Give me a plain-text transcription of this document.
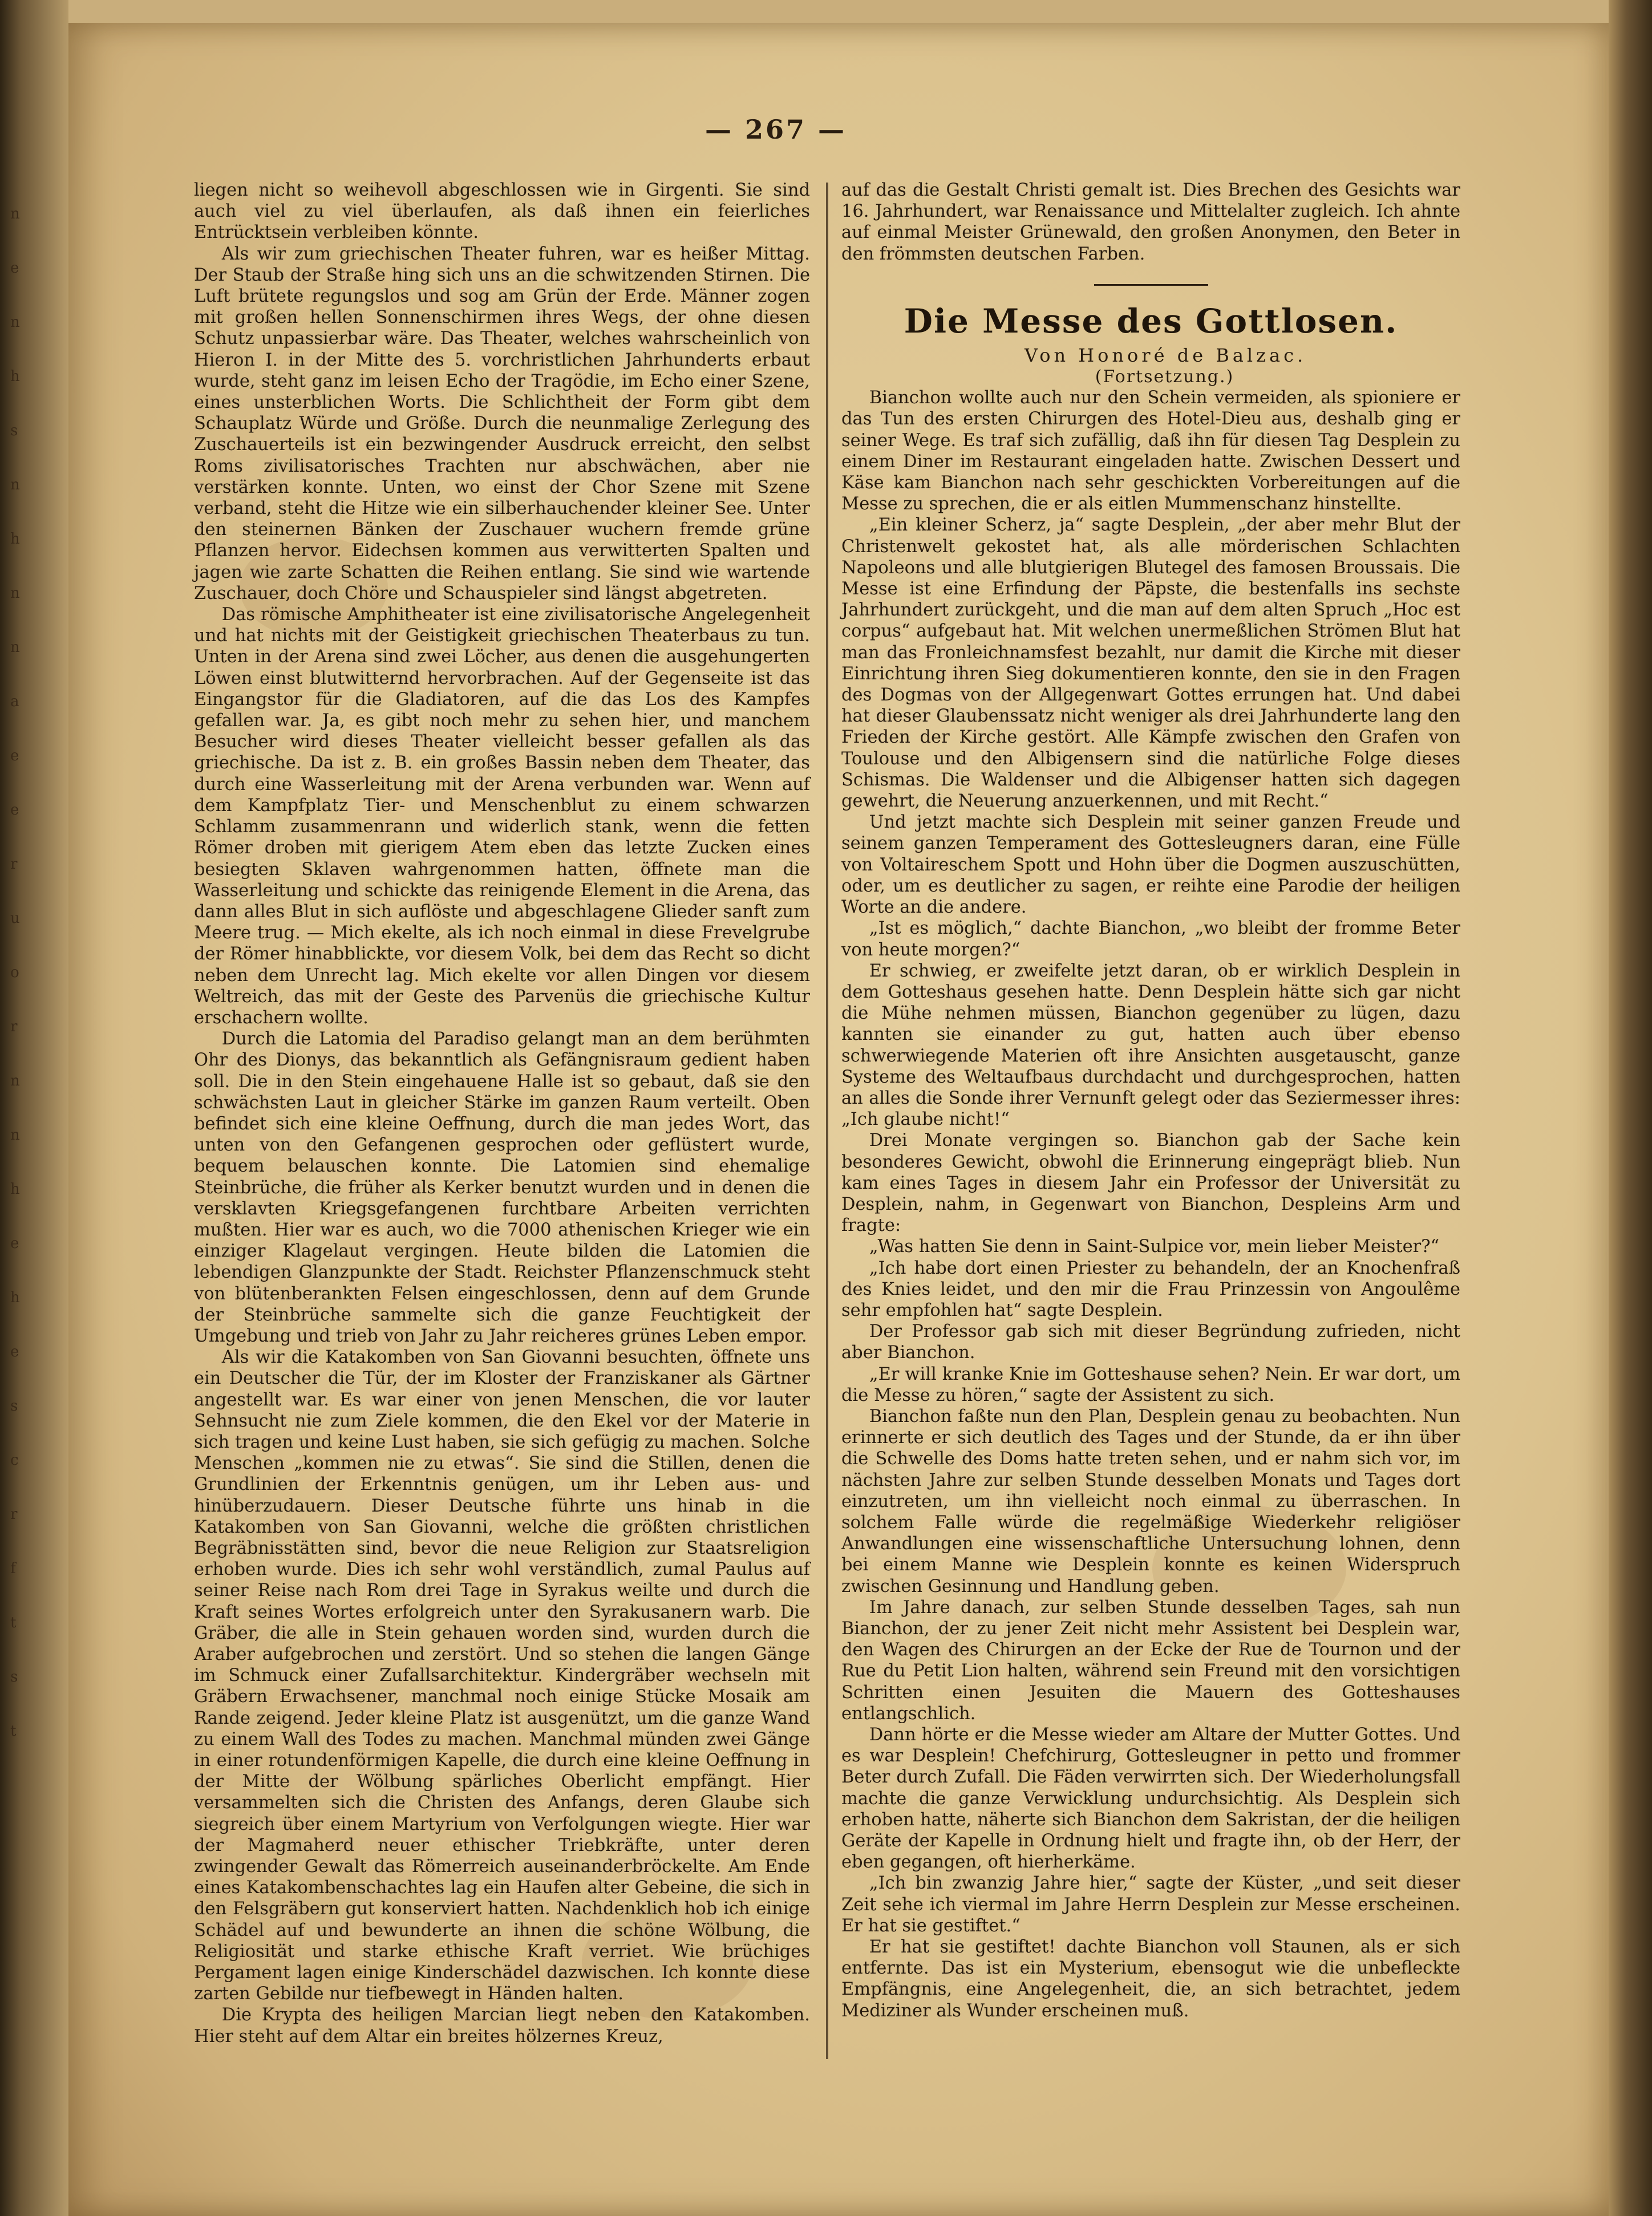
n
e
n
h
s
n
h
n
n
a
e
e
r
u
o
r
n
n
h
e
h
e
s
c
r
f
t
s
t
— 267 —

liegen nicht so weihevoll abgeschlossen wie in Girgenti. Sie sind auch viel zu viel überlaufen, als daß ihnen ein feierliches Entrücktsein verbleiben könnte.

Als wir zum griechischen Theater fuhren, war es heißer Mittag. Der Staub der Straße hing sich uns an die schwitzenden Stirnen. Die Luft brütete regungslos und sog am Grün der Erde. Männer zogen mit großen hellen Sonnenschirmen ihres Wegs, der ohne diesen Schutz unpassierbar wäre. Das Theater, welches wahrscheinlich von Hieron I. in der Mitte des 5. vorchristlichen Jahrhunderts erbaut wurde, steht ganz im leisen Echo der Tragödie, im Echo einer Szene, eines unsterblichen Worts. Die Schlichtheit der Form gibt dem Schauplatz Würde und Größe. Durch die neunmalige Zerlegung des Zuschauerteils ist ein bezwingender Ausdruck erreicht, den selbst Roms zivilisatorisches Trachten nur abschwächen, aber nie verstärken konnte. Unten, wo einst der Chor Szene mit Szene verband, steht die Hitze wie ein silberhauchender kleiner See. Unter den steinernen Bänken der Zuschauer wuchern fremde grüne Pflanzen hervor. Eidechsen kommen aus verwitterten Spalten und jagen wie zarte Schatten die Reihen entlang. Sie sind wie wartende Zuschauer, doch Chöre und Schauspieler sind längst abgetreten.

Das römische Amphitheater ist eine zivilisatorische Angelegenheit und hat nichts mit der Geistigkeit griechischen Theaterbaus zu tun. Unten in der Arena sind zwei Löcher, aus denen die ausgehungerten Löwen einst blutwitternd hervorbrachen. Auf der Gegenseite ist das Eingangstor für die Gladiatoren, auf die das Los des Kampfes gefallen war. Ja, es gibt noch mehr zu sehen hier, und manchem Besucher wird dieses Theater vielleicht besser gefallen als das griechische. Da ist z. B. ein großes Bassin neben dem Theater, das durch eine Wasserleitung mit der Arena verbunden war. Wenn auf dem Kampfplatz Tier- und Menschenblut zu einem schwarzen Schlamm zusammenrann und widerlich stank, wenn die fetten Römer droben mit gierigem Atem eben das letzte Zucken eines besiegten Sklaven wahrgenommen hatten, öffnete man die Wasserleitung und schickte das reinigende Element in die Arena, das dann alles Blut in sich auflöste und abgeschlagene Glieder sanft zum Meere trug. — Mich ekelte, als ich noch einmal in diese Frevelgrube der Römer hinabblickte, vor diesem Volk, bei dem das Recht so dicht neben dem Unrecht lag. Mich ekelte vor allen Dingen vor diesem Weltreich, das mit der Geste des Parvenüs die griechische Kultur erschachern wollte.

Durch die Latomia del Paradiso gelangt man an dem berühmten Ohr des Dionys, das bekanntlich als Gefängnisraum gedient haben soll. Die in den Stein eingehauene Halle ist so gebaut, daß sie den schwächsten Laut in gleicher Stärke im ganzen Raum verteilt. Oben befindet sich eine kleine Oeffnung, durch die man jedes Wort, das unten von den Gefangenen gesprochen oder geflüstert wurde, bequem belauschen konnte. Die Latomien sind ehemalige Steinbrüche, die früher als Kerker benutzt wurden und in denen die versklavten Kriegsgefangenen furchtbare Arbeiten verrichten mußten. Hier war es auch, wo die 7000 athenischen Krieger wie ein einziger Klagelaut vergingen. Heute bilden die Latomien die lebendigen Glanzpunkte der Stadt. Reichster Pflanzenschmuck steht von blütenberankten Felsen eingeschlossen, denn auf dem Grunde der Steinbrüche sammelte sich die ganze Feuchtigkeit der Umgebung und trieb von Jahr zu Jahr reicheres grünes Leben empor.

Als wir die Katakomben von San Giovanni besuchten, öffnete uns ein Deutscher die Tür, der im Kloster der Franziskaner als Gärtner angestellt war. Es war einer von jenen Menschen, die vor lauter Sehnsucht nie zum Ziele kommen, die den Ekel vor der Materie in sich tragen und keine Lust haben, sie sich gefügig zu machen. Solche Menschen „kommen nie zu etwas“. Sie sind die Stillen, denen die Grundlinien der Erkenntnis genügen, um ihr Leben aus- und hinüberzudauern. Dieser Deutsche führte uns hinab in die Katakomben von San Giovanni, welche die größten christlichen Begräbnisstätten sind, bevor die neue Religion zur Staatsreligion erhoben wurde. Dies ich sehr wohl verständlich, zumal Paulus auf seiner Reise nach Rom drei Tage in Syrakus weilte und durch die Kraft seines Wortes erfolgreich unter den Syrakusanern warb. Die Gräber, die alle in Stein gehauen worden sind, wurden durch die Araber aufgebrochen und zerstört. Und so stehen die langen Gänge im Schmuck einer Zufallsarchitektur. Kindergräber wechseln mit Gräbern Erwachsener, manchmal noch einige Stücke Mosaik am Rande zeigend. Jeder kleine Platz ist ausgenützt, um die ganze Wand zu einem Wall des Todes zu machen. Manchmal münden zwei Gänge in einer rotundenförmigen Kapelle, die durch eine kleine Oeffnung in der Mitte der Wölbung spärliches Oberlicht empfängt. Hier versammelten sich die Christen des Anfangs, deren Glaube sich siegreich über einem Martyrium von Verfolgungen wiegte. Hier war der Magmaherd neuer ethischer Triebkräfte, unter deren zwingender Gewalt das Römerreich auseinanderbröckelte. Am Ende eines Katakombenschachtes lag ein Haufen alter Gebeine, die sich in den Felsgräbern gut konserviert hatten. Nachdenklich hob ich einige Schädel auf und bewunderte an ihnen die schöne Wölbung, die Religiosität und starke ethische Kraft verriet. Wie brüchiges Pergament lagen einige Kinderschädel dazwischen. Ich konnte diese zarten Gebilde nur tiefbewegt in Händen halten.

Die Krypta des heiligen Marcian liegt neben den Katakomben. Hier steht auf dem Altar ein breites hölzernes Kreuz,

auf das die Gestalt Christi gemalt ist. Dies Brechen des Gesichts war 16. Jahrhundert, war Renaissance und Mittelalter zugleich. Ich ahnte auf einmal Meister Grünewald, den großen Anonymen, den Beter in den frömmsten deutschen Farben.

Die Messe des Gottlosen.

Von Honoré de Balzac.

(Fortsetzung.)

Bianchon wollte auch nur den Schein vermeiden, als spioniere er das Tun des ersten Chirurgen des Hotel-Dieu aus, deshalb ging er seiner Wege. Es traf sich zufällig, daß ihn für diesen Tag Desplein zu einem Diner im Restaurant eingeladen hatte. Zwischen Dessert und Käse kam Bianchon nach sehr geschickten Vorbereitungen auf die Messe zu sprechen, die er als eitlen Mummenschanz hinstellte.

„Ein kleiner Scherz, ja“ sagte Desplein, „der aber mehr Blut der Christenwelt gekostet hat, als alle mörderischen Schlachten Napoleons und alle blutgierigen Blutegel des famosen Broussais. Die Messe ist eine Erfindung der Päpste, die bestenfalls ins sechste Jahrhundert zurückgeht, und die man auf dem alten Spruch „Hoc est corpus“ aufgebaut hat. Mit welchen unermeßlichen Strömen Blut hat man das Fronleichnamsfest bezahlt, nur damit die Kirche mit dieser Einrichtung ihren Sieg dokumentieren konnte, den sie in den Fragen des Dogmas von der Allgegenwart Gottes errungen hat. Und dabei hat dieser Glaubenssatz nicht weniger als drei Jahrhunderte lang den Frieden der Kirche gestört. Alle Kämpfe zwischen den Grafen von Toulouse und den Albigensern sind die natürliche Folge dieses Schismas. Die Waldenser und die Albigenser hatten sich dagegen gewehrt, die Neuerung anzuerkennen, und mit Recht.“

Und jetzt machte sich Desplein mit seiner ganzen Freude und seinem ganzen Temperament des Gottesleugners daran, eine Fülle von Voltaireschem Spott und Hohn über die Dogmen auszuschütten, oder, um es deutlicher zu sagen, er reihte eine Parodie der heiligen Worte an die andere.

„Ist es möglich,“ dachte Bianchon, „wo bleibt der fromme Beter von heute morgen?“

Er schwieg, er zweifelte jetzt daran, ob er wirklich Desplein in dem Gotteshaus gesehen hatte. Denn Desplein hätte sich gar nicht die Mühe nehmen müssen, Bianchon gegenüber zu lügen, dazu kannten sie einander zu gut, hatten auch über ebenso schwerwiegende Materien oft ihre Ansichten ausgetauscht, ganze Systeme des Weltaufbaus durchdacht und durchgesprochen, hatten an alles die Sonde ihrer Vernunft gelegt oder das Seziermesser ihres: „Ich glaube nicht!“

Drei Monate vergingen so. Bianchon gab der Sache kein besonderes Gewicht, obwohl die Erinnerung eingeprägt blieb. Nun kam eines Tages in diesem Jahr ein Professor der Universität zu Desplein, nahm, in Gegenwart von Bianchon, Despleins Arm und fragte:

„Was hatten Sie denn in Saint-Sulpice vor, mein lieber Meister?“

„Ich habe dort einen Priester zu behandeln, der an Knochenfraß des Knies leidet, und den mir die Frau Prinzessin von Angoulême sehr empfohlen hat“ sagte Desplein.

Der Professor gab sich mit dieser Begründung zufrieden, nicht aber Bianchon.

„Er will kranke Knie im Gotteshause sehen? Nein. Er war dort, um die Messe zu hören,“ sagte der Assistent zu sich.

Bianchon faßte nun den Plan, Desplein genau zu beobachten. Nun erinnerte er sich deutlich des Tages und der Stunde, da er ihn über die Schwelle des Doms hatte treten sehen, und er nahm sich vor, im nächsten Jahre zur selben Stunde desselben Monats und Tages dort einzutreten, um ihn vielleicht noch einmal zu überraschen. In solchem Falle würde die regelmäßige Wiederkehr religiöser Anwandlungen eine wissenschaftliche Untersuchung lohnen, denn bei einem Manne wie Desplein konnte es keinen Widerspruch zwischen Gesinnung und Handlung geben.

Im Jahre danach, zur selben Stunde desselben Tages, sah nun Bianchon, der zu jener Zeit nicht mehr Assistent bei Desplein war, den Wagen des Chirurgen an der Ecke der Rue de Tournon und der Rue du Petit Lion halten, während sein Freund mit den vorsichtigen Schritten einen Jesuiten die Mauern des Gotteshauses entlangschlich.

Dann hörte er die Messe wieder am Altare der Mutter Gottes. Und es war Desplein! Chefchirurg, Gottesleugner in petto und frommer Beter durch Zufall. Die Fäden verwirrten sich. Der Wiederholungsfall machte die ganze Verwicklung undurchsichtig. Als Desplein sich erhoben hatte, näherte sich Bianchon dem Sakristan, der die heiligen Geräte der Kapelle in Ordnung hielt und fragte ihn, ob der Herr, der eben gegangen, oft hierherkäme.

„Ich bin zwanzig Jahre hier,“ sagte der Küster, „und seit dieser Zeit sehe ich viermal im Jahre Herrn Desplein zur Messe erscheinen. Er hat sie gestiftet.“

Er hat sie gestiftet! dachte Bianchon voll Staunen, als er sich entfernte. Das ist ein Mysterium, ebensogut wie die unbefleckte Empfängnis, eine Angelegenheit, die, an sich betrachtet, jedem Mediziner als Wunder erscheinen muß.
